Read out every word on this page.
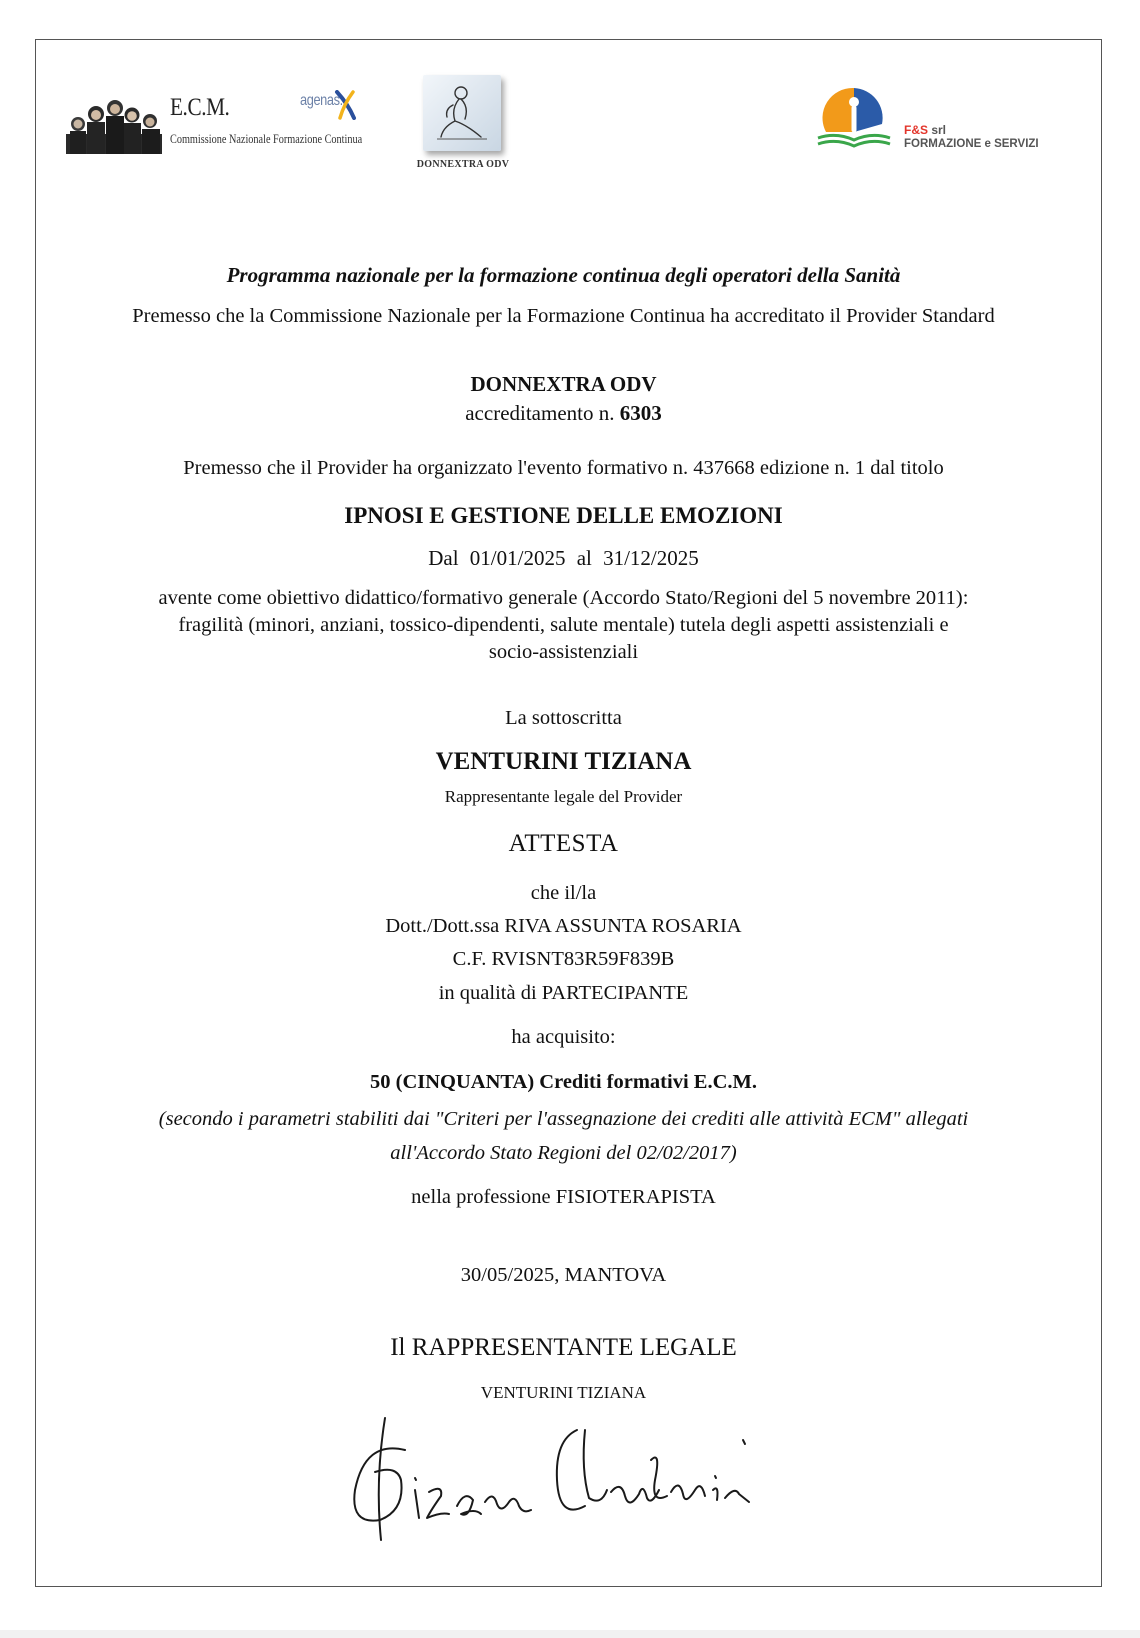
E.C.M.
Commissione Nazionale Formazione Continua
agenas.
DONNEXTRA ODV
F&S srl
FORMAZIONE e SERVIZI
Programma nazionale per la formazione continua degli operatori della Sanità
Premesso che la Commissione Nazionale per la Formazione Continua ha accreditato il Provider Standard
DONNEXTRA ODV
accreditamento n. 6303
Premesso che il Provider ha organizzato l'evento formativo n. 437668 edizione n. 1 dal titolo
IPNOSI E GESTIONE DELLE EMOZIONI
Dal 01/01/2025 al 31/12/2025
avente come obiettivo didattico/formativo generale (Accordo Stato/Regioni del 5 novembre 2011):
fragilità (minori, anziani, tossico-dipendenti, salute mentale) tutela degli aspetti assistenziali e
socio-assistenziali
La sottoscritta
VENTURINI TIZIANA
Rappresentante legale del Provider
ATTESTA
che il/la
Dott./Dott.ssa RIVA ASSUNTA ROSARIA
C.F. RVISNT83R59F839B
in qualità di PARTECIPANTE
ha acquisito:
50 (CINQUANTA) Crediti formativi E.C.M.
(secondo i parametri stabiliti dai "Criteri per l'assegnazione dei crediti alle attività ECM" allegati
all'Accordo Stato Regioni del 02/02/2017)
nella professione FISIOTERAPISTA
30/05/2025, MANTOVA
Il RAPPRESENTANTE LEGALE
VENTURINI TIZIANA
